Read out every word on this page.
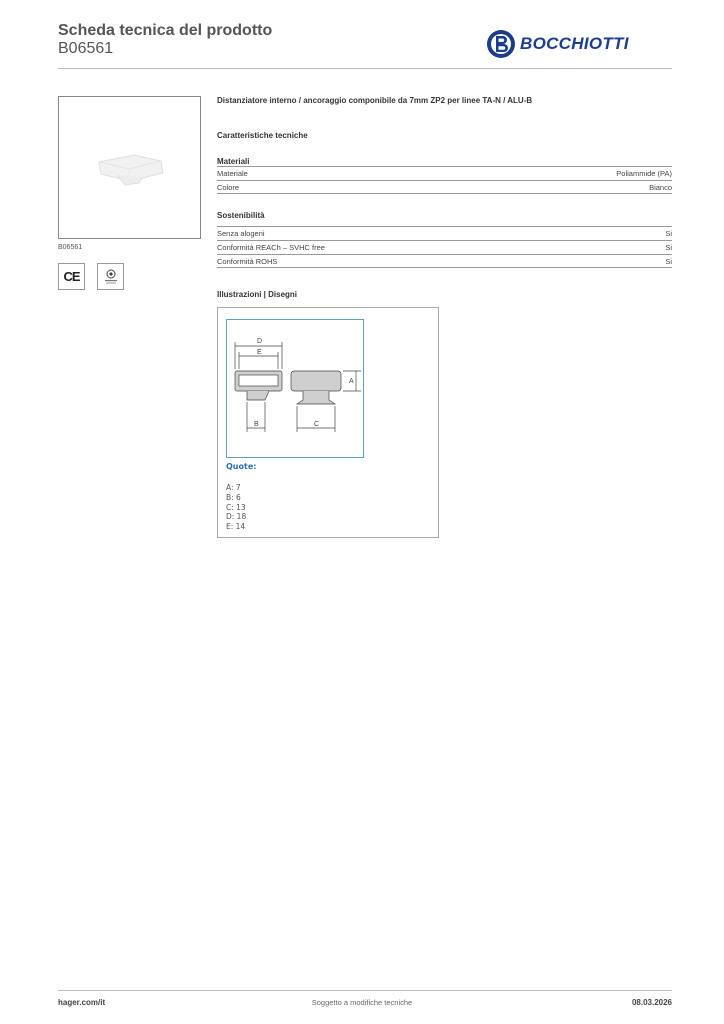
Scheda tecnica del prodotto
B06561	BOCCHIOTTI
B06561
CE
Distanziatore interno / ancoraggio componibile da 7mm ZP2 per linee TA-N / ALU-B
Caratteristiche tecniche
Materiali
Materiale	Poliammide (PA)
Colore	Bianco
Sostenibilità
Senza alogeni	Si
Conformità REACh – SVHC free	Si
Conformità ROHS	Si
Illustrazioni | Disegni
D
E
A
B	C
Quote:
A: 7
B: 6
C: 13
D: 18
E: 14
hager.com/it	Soggetto a modifiche tecniche	08.03.2026
